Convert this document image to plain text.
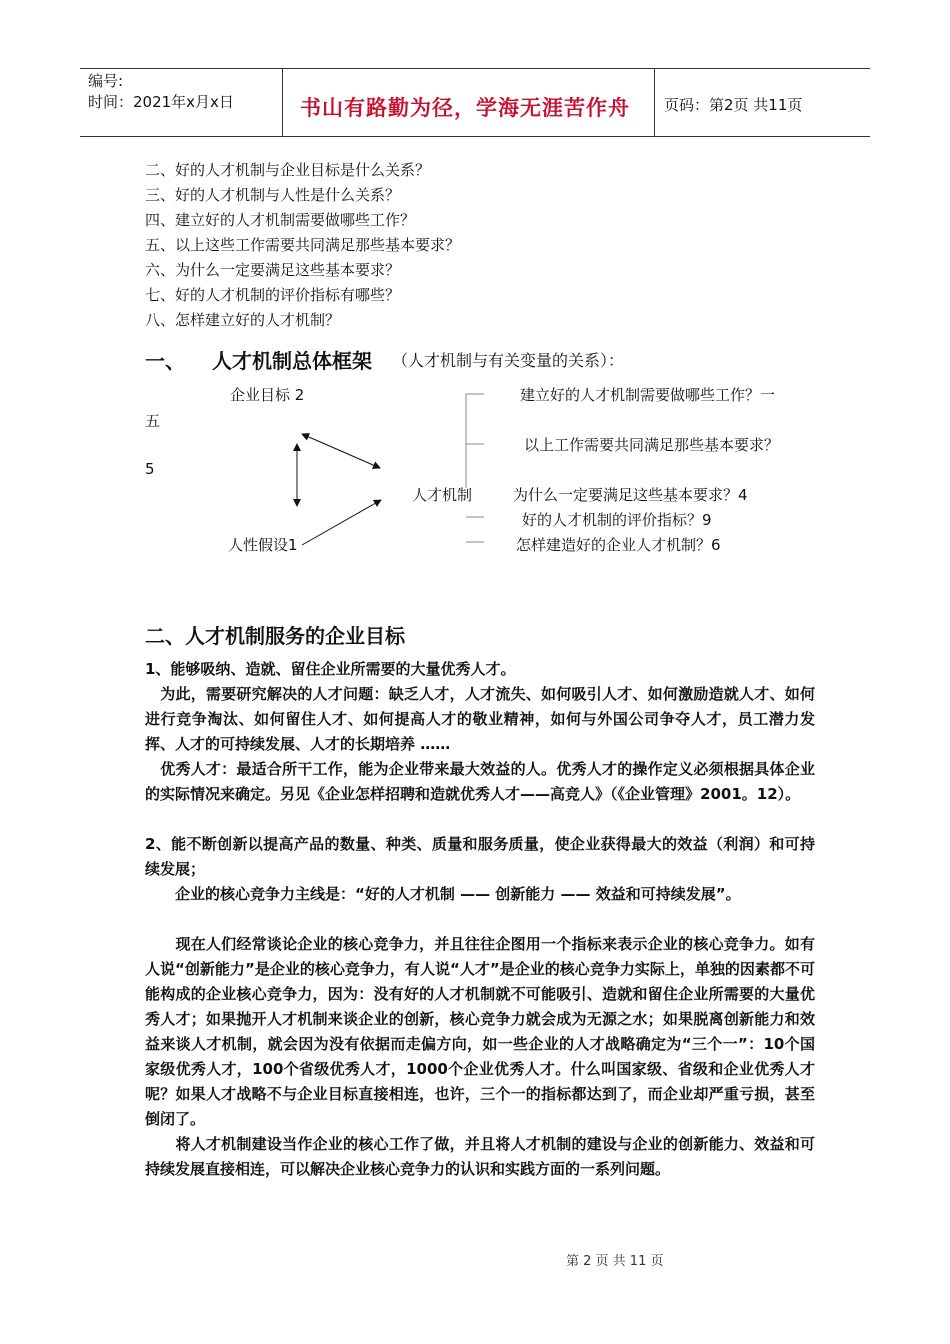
编号:
时间：2021年x月x日	书山有路勤为径，学海无涯苦作舟 页码：第2页 共11页
二、好的人才机制与企业目标是什么关系？
三、好的人才机制与人性是什么关系？
四、建立好的人才机制需要做哪些工作？
五、以上这些工作需要共同满足那些基本要求？
六、为什么一定要满足这些基本要求？
七、好的人才机制的评价指标有哪些？
八、怎样建立好的人才机制？
一、 人才机制总体框架 （人才机制与有关变量的关系）：
企业目标 2
五
5
人才机制
人性假设1
建立好的人才机制需要做哪些工作？一
以上工作需要共同满足那些基本要求？
为什么一定要满足这些基本要求？4
好的人才机制的评价指标？9
怎样建造好的企业人才机制？6
二、人才机制服务的企业目标
1、能够吸纳、造就、留住企业所需要的大量优秀人才。
　为此，需要研究解决的人才问题：缺乏人才，人才流失、如何吸引人才、如何激励造就人才、如何进行竞争淘汰、如何留住人才、如何提高人才的敬业精神，如何与外国公司争夺人才，员工潜力发挥、人才的可持续发展、人才的长期培养 ……
　优秀人才：最适合所干工作，能为企业带来最大效益的人。优秀人才的操作定义必须根据具体企业的实际情况来确定。另见《企业怎样招聘和造就优秀人才——高竞人》（《企业管理》2001。12）。
2、能不断创新以提高产品的数量、种类、质量和服务质量，使企业获得最大的效益（利润）和可持续发展；
　　企业的核心竞争力主线是：“好的人才机制 —— 创新能力 —— 效益和可持续发展”。
　　现在人们经常谈论企业的核心竞争力，并且往往企图用一个指标来表示企业的核心竞争力。如有人说“创新能力”是企业的核心竞争力，有人说“人才”是企业的核心竞争力实际上，单独的因素都不可能构成的企业核心竞争力，因为：没有好的人才机制就不可能吸引、造就和留住企业所需要的大量优秀人才；如果抛开人才机制来谈企业的创新，核心竞争力就会成为无源之水；如果脱离创新能力和效益来谈人才机制，就会因为没有依据而走偏方向，如一些企业的人才战略确定为“三个一”：10个国家级优秀人才，100个省级优秀人才，1000个企业优秀人才。什么叫国家级、省级和企业优秀人才呢？如果人才战略不与企业目标直接相连，也许，三个一的指标都达到了，而企业却严重亏损，甚至倒闭了。
　　将人才机制建设当作企业的核心工作了做，并且将人才机制的建设与企业的创新能力、效益和可持续发展直接相连，可以解决企业核心竞争力的认识和实践方面的一系列问题。
第 2 页 共 11 页
